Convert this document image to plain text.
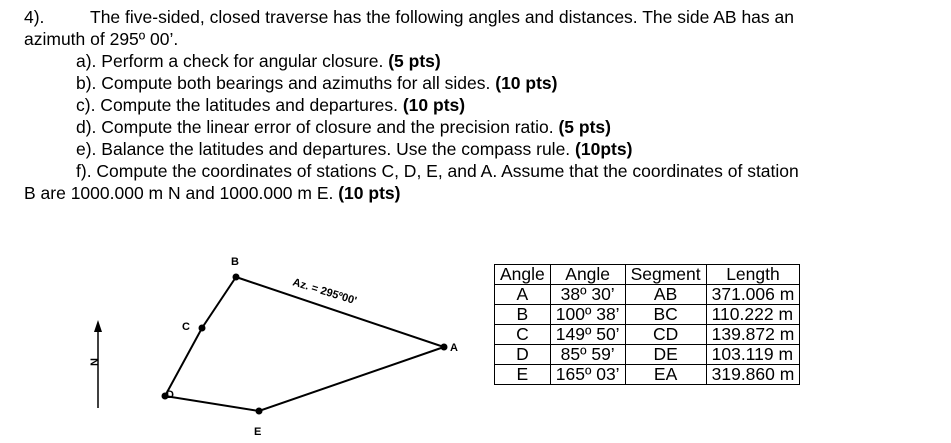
4).	The five-sided, closed traverse has the following angles and distances. The side AB has an
azimuth of 295º 00’.
a). Perform a check for angular closure. (5 pts)
b). Compute both bearings and azimuths for all sides. (10 pts)
c). Compute the latitudes and departures. (10 pts)
d). Compute the linear error of closure and the precision ratio. (5 pts)
e). Balance the latitudes and departures. Use the compass rule. (10pts)
f). Compute the coordinates of stations C, D, E, and A. Assume that the coordinates of station
B are 1000.000 m N and 1000.000 m E. (10 pts)
B
C
D
E
A
Az. = 295º00'
N
Angle	Angle	Segment	Length
A	38º 30’	AB	371.006 m
B	100º 38’	BC	110.222 m
C	149º 50’	CD	139.872 m
D	85º 59’	DE	103.119 m
E	165º 03’	EA	319.860 m
